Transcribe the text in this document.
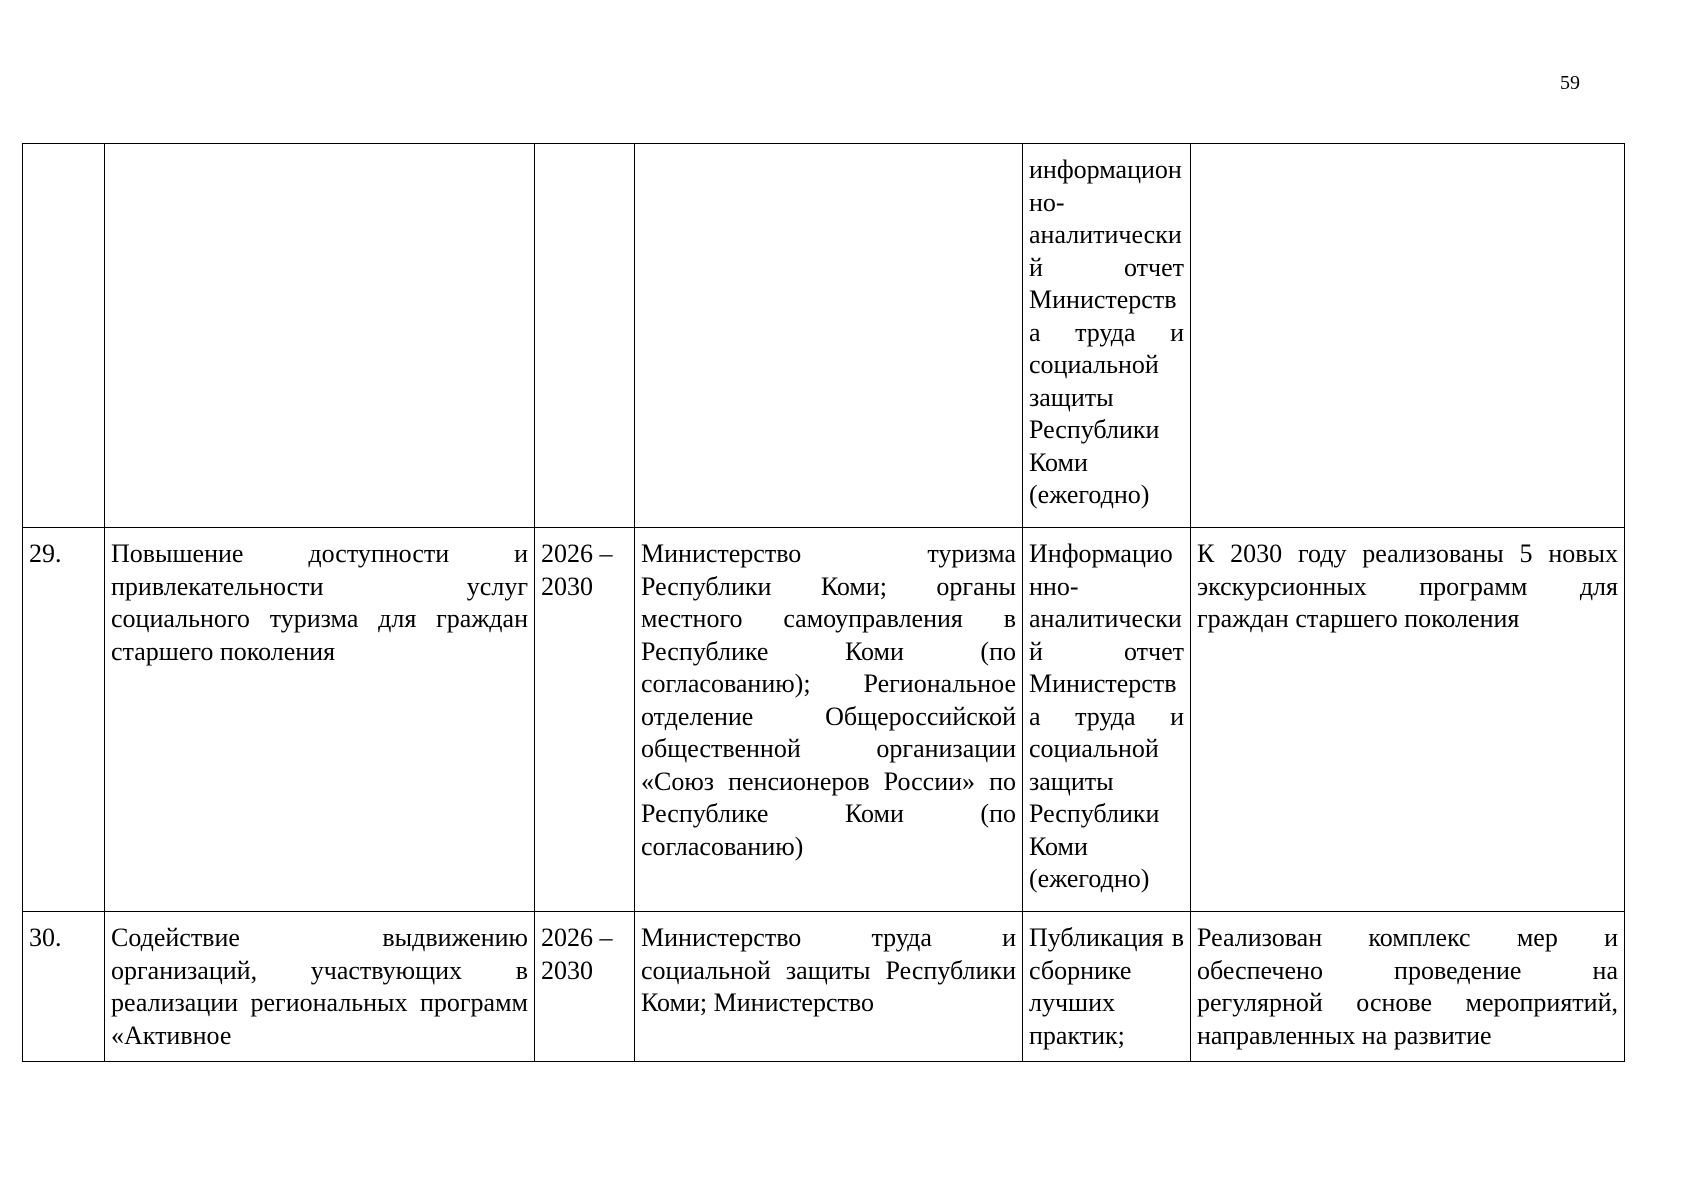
59
				информационно-аналитический отчет Министерства труда и социальной защиты Республики Коми (ежегодно)	
29.	Повышение доступности и привлекательности услуг социального туризма для граждан старшего поколения	2026 – 2030	Министерство туризма Республики Коми; органы местного самоуправления в Республике Коми (по согласованию); Региональное отделение Общероссийской общественной организации «Союз пенсионеров России» по Республике Коми (по согласованию)	Информационно-аналитический отчет Министерства труда и социальной защиты Республики Коми (ежегодно)	К 2030 году реализованы 5 новых экскурсионных программ для граждан старшего поколения
30.	Содействие выдвижению организаций, участвующих в реализации региональных программ «Активное	2026 – 2030	Министерство труда и социальной защиты Республики Коми; Министерство	Публикация в сборнике лучших практик;	Реализован комплекс мер и обеспечено проведение на регулярной основе мероприятий, направленных на развитие
